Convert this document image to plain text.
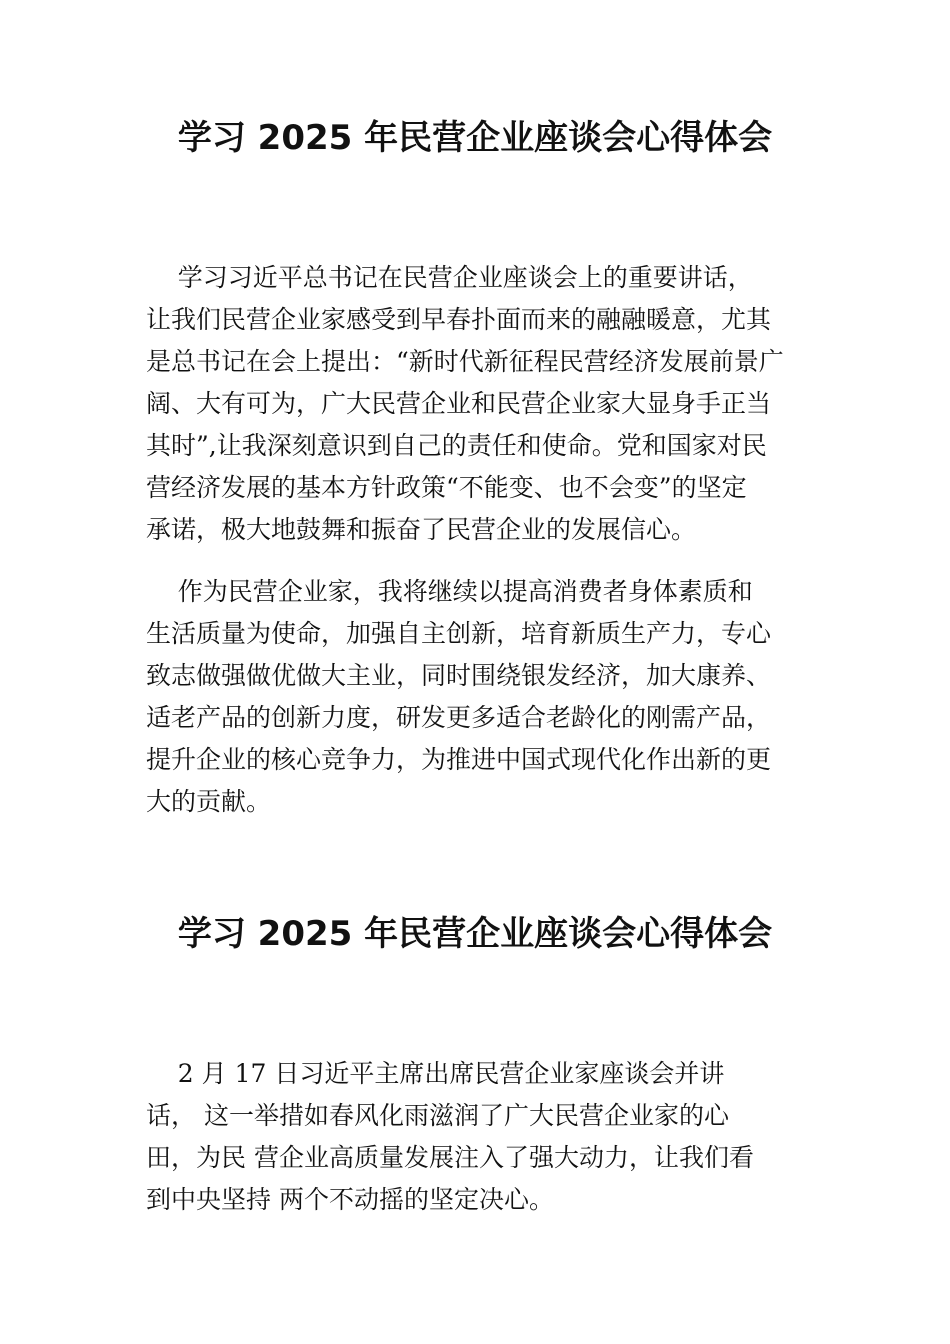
学习 2025 年民营企业座谈会心得体会

学习习近平总书记在民营企业座谈会上的重要讲话，

让我们民营企业家感受到早春扑面而来的融融暖意，尤其

是总书记在会上提出：“新时代新征程民营经济发展前景广

阔、大有可为，广大民营企业和民营企业家大显身手正当

其时”,让我深刻意识到自己的责任和使命。党和国家对民

营经济发展的基本方针政策“不能变、也不会变”的坚定

承诺，极大地鼓舞和振奋了民营企业的发展信心。

作为民营企业家，我将继续以提高消费者身体素质和

生活质量为使命，加强自主创新，培育新质生产力，专心

致志做强做优做大主业，同时围绕银发经济，加大康养、

适老产品的创新力度，研发更多适合老龄化的刚需产品，

提升企业的核心竞争力，为推进中国式现代化作出新的更

大的贡献。

学习 2025 年民营企业座谈会心得体会

2 月 17 日习近平主席出席民营企业家座谈会并讲

话， 这一举措如春风化雨滋润了广大民营企业家的心

田，为民 营企业高质量发展注入了强大动力，让我们看

到中央坚持 两个不动摇的坚定决心。
